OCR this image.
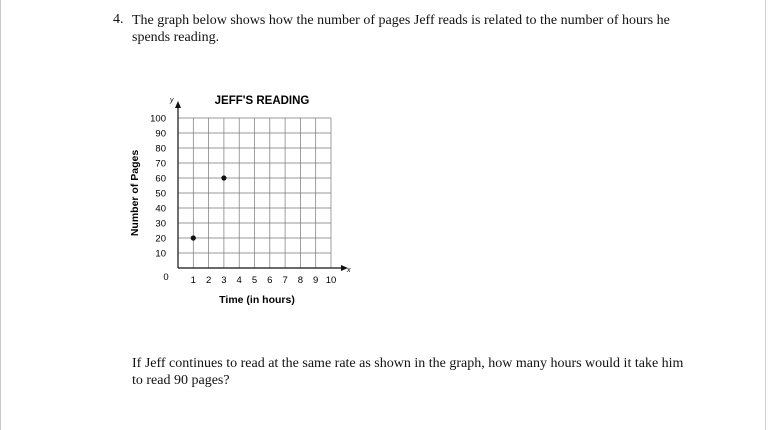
4. The graph below shows how the number of pages Jeff reads is related to the number of hours he spends reading.
JEFF'S READING
1 2 3 4 5 6 7 8 9 10
10
20
30
40
50
60
70
80
90
100
0
x
y
Time (in hours)
Number of Pages
If Jeff continues to read at the same rate as shown in the graph, how many hours would it take him to read 90 pages?
